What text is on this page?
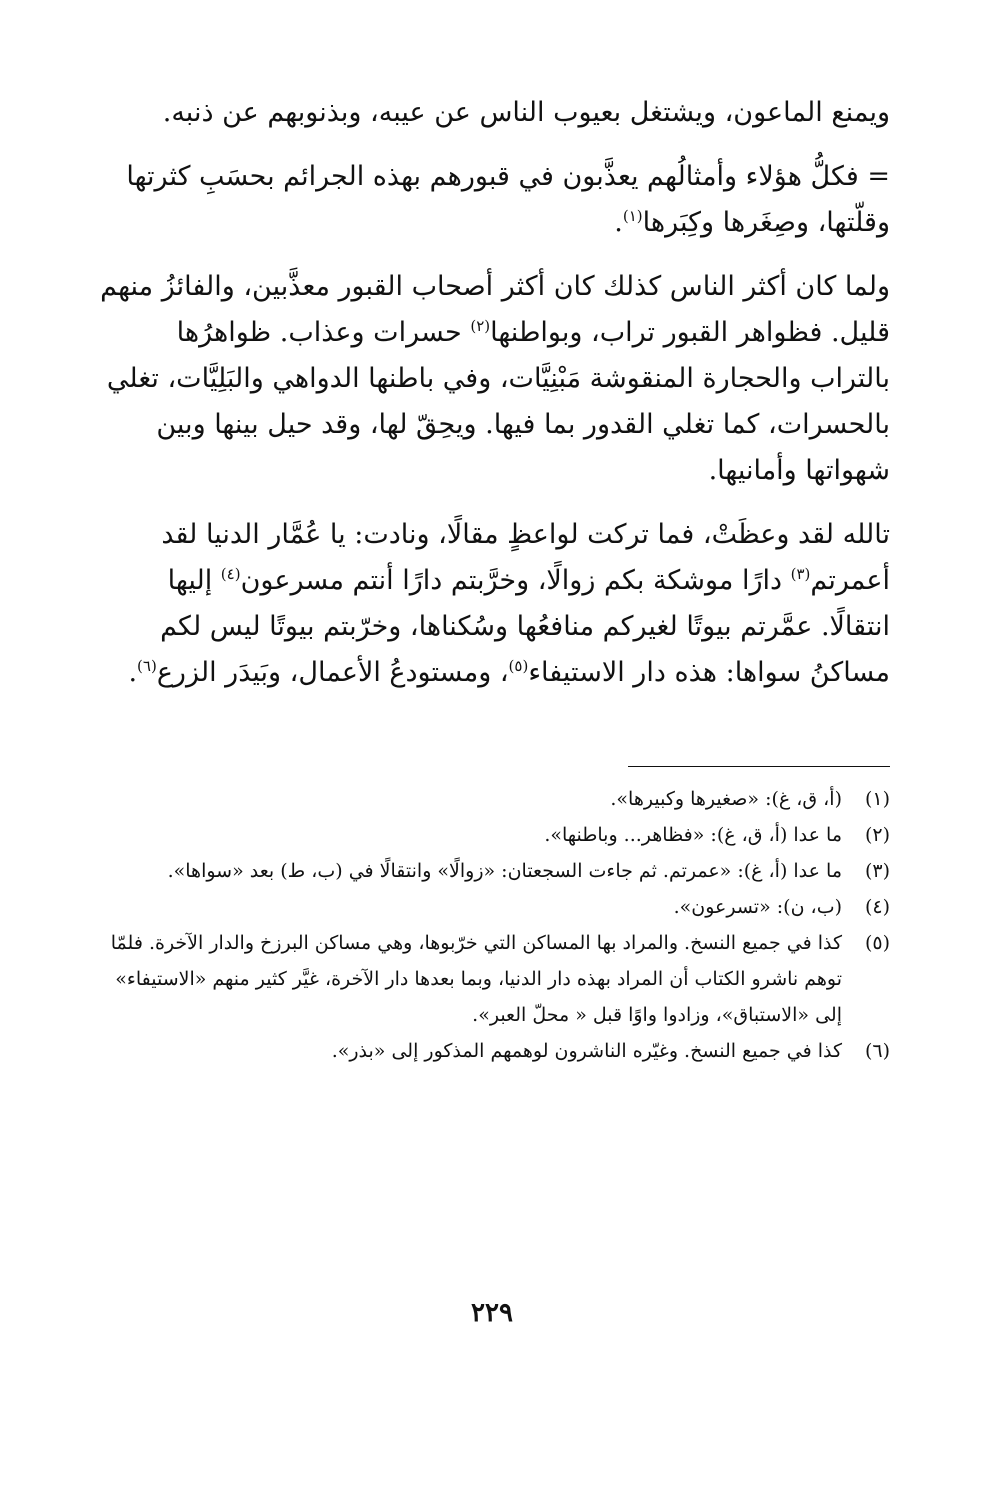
ويمنع الماعون، ويشتغل بعيوب الناس عن عيبه، وبذنوبهم عن ذنبه.

= فكلُّ هؤلاء وأمثالُهم يعذَّبون في قبورهم بهذه الجرائم بحسَبِ كثرتها وقلّتها، وصِغَرها وكِبَرها$^{(١)}$.

ولما كان أكثر الناس كذلك كان أكثر أصحاب القبور معذَّبين، والفائزُ منهم قليل. فظواهر القبور تراب، وبواطنها$^{(٢)}$ حسرات وعذاب. ظواهرُها بالتراب والحجارة المنقوشة مَبْنِيَّات، وفي باطنها الدواهي والبَلِيَّات، تغلي بالحسرات، كما تغلي القدور بما فيها. ويحِقّ لها، وقد حيل بينها وبين شهواتها وأمانيها.

تالله لقد وعظَتْ، فما تركت لواعظٍ مقالًا، ونادت: يا عُمَّار الدنيا لقد أعمرتم$^{(٣)}$ دارًا موشكة بكم زوالًا، وخرَّبتم دارًا أنتم مسرعون$^{(٤)}$ إليها انتقالًا. عمَّرتم بيوتًا لغيركم منافعُها وسُكناها، وخرّبتم بيوتًا ليس لكم مساكنُ سواها: هذه دار الاستيفاء$^{(٥)}$، ومستودعُ الأعمال، وبَيدَر الزرع$^{(٦)}$.

(١)
(أ، ق، غ): «صغيرها وكبيرها».
(٢)
ما عدا (أ، ق، غ): «فظاهر... وباطنها».
(٣)
ما عدا (أ، غ): «عمرتم. ثم جاءت السجعتان: «زوالًا» وانتقالًا في (ب، ط) بعد «سواها».
(٤)
(ب، ن): «تسرعون».
(٥)
كذا في جميع النسخ. والمراد بها المساكن التي خرّبوها، وهي مساكن البرزخ والدار الآخرة. فلمّا توهم ناشرو الكتاب أن المراد بهذه دار الدنيا، وبما بعدها دار الآخرة، غيَّر كثير منهم «الاستيفاء» إلى «الاستباق»، وزادوا واوًا قبل « محلّ العبر».
(٦)
كذا في جميع النسخ. وغيّره الناشرون لوهمهم المذكور إلى «بذر».
٢٢٩
